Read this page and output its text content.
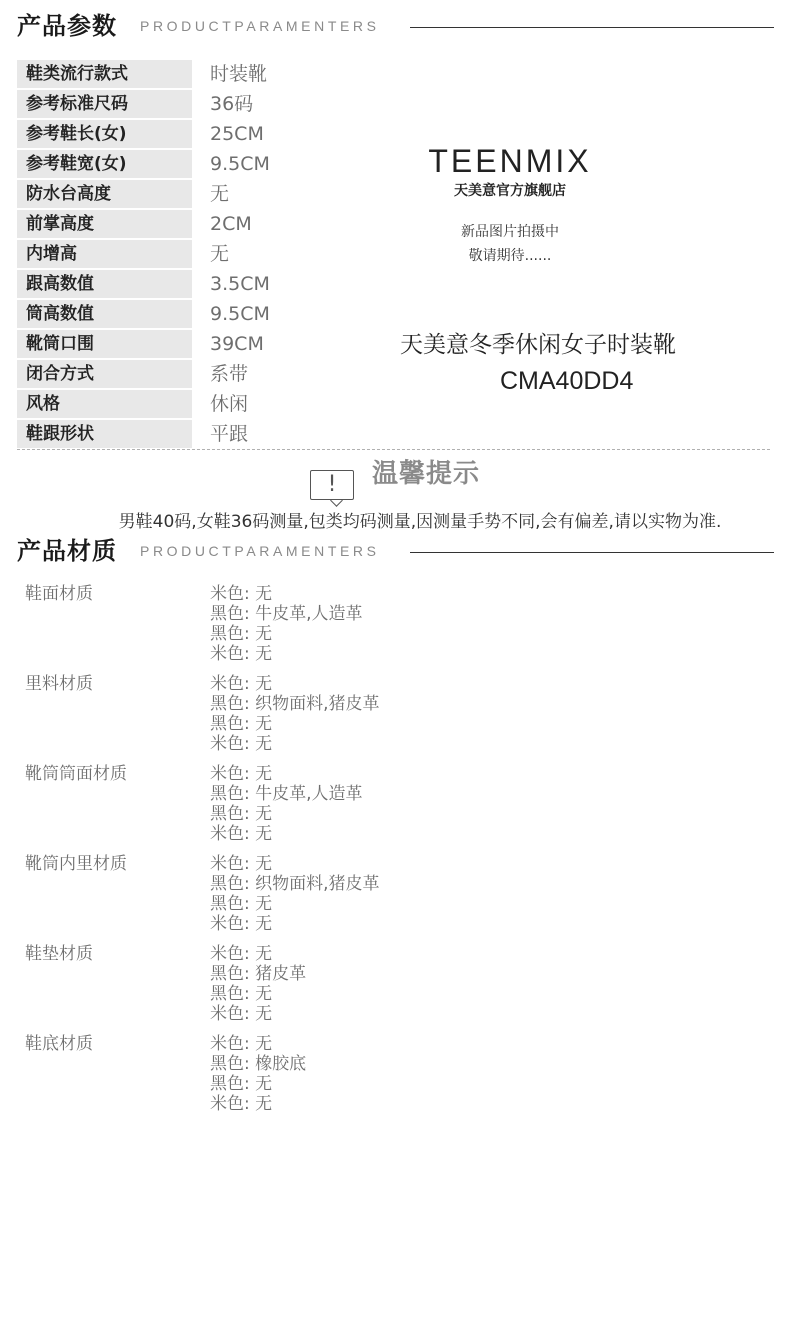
产品参数 PRODUCTPARAMENTERS
鞋类流行款式	时装靴
参考标准尺码	36码
参考鞋长(女)	25CM
参考鞋宽(女)	9.5CM
防水台高度	无
前掌高度	2CM
内增高	无
跟高数值	3.5CM
筒高数值	9.5CM
靴筒口围	39CM
闭合方式	系带
风格	休闲
鞋跟形状	平跟
TEENMIX
天美意官方旗舰店
新品图片拍摄中
敬请期待......
天美意冬季休闲女子时装靴
CMA40DD4
!	温馨提示
男鞋40码,女鞋36码测量,包类均码测量,因测量手势不同,会有偏差,请以实物为准.
产品材质 PRODUCTPARAMENTERS
鞋面材质	米色: 无
黑色: 牛皮革,人造革
黑色: 无
米色: 无
里料材质	米色: 无
黑色: 织物面料,猪皮革
黑色: 无
米色: 无
靴筒筒面材质	米色: 无
黑色: 牛皮革,人造革
黑色: 无
米色: 无
靴筒内里材质	米色: 无
黑色: 织物面料,猪皮革
黑色: 无
米色: 无
鞋垫材质	米色: 无
黑色: 猪皮革
黑色: 无
米色: 无
鞋底材质	米色: 无
黑色: 橡胶底
黑色: 无
米色: 无
